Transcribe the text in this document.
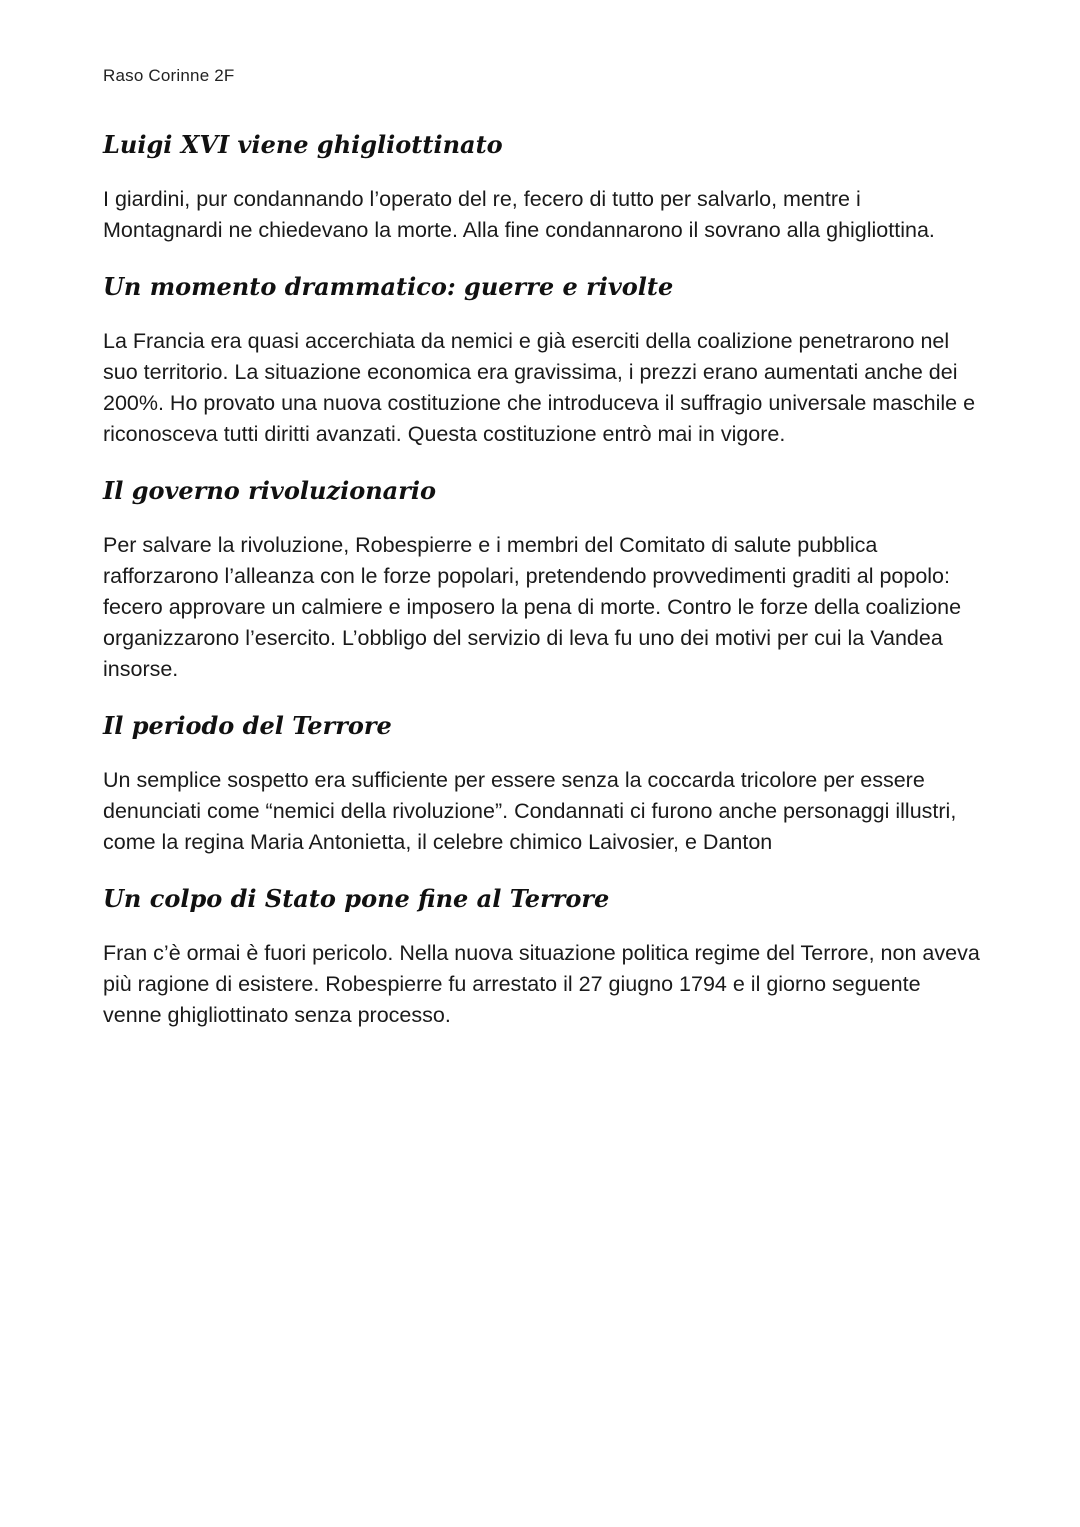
Raso Corinne 2F
Luigi XVI viene ghigliottinato

I giardini, pur condannando l’operato del re, fecero di tutto per salvarlo, mentre i Montagnardi ne chiedevano la morte. Alla fine condannarono il sovrano alla ghigliottina.

Un momento drammatico: guerre e rivolte

La Francia era quasi accerchiata da nemici e già eserciti della coalizione penetrarono nel suo territorio. La situazione economica era gravissima, i prezzi erano aumentati anche dei 200%. Ho provato una nuova costituzione che introduceva il suffragio universale maschile e riconosceva tutti diritti avanzati. Questa costituzione entrò mai in vigore.

Il governo rivoluzionario

Per salvare la rivoluzione, Robespierre e i membri del Comitato di salute pubblica rafforzarono l’alleanza con le forze popolari, pretendendo provvedimenti graditi al popolo: fecero approvare un calmiere e imposero la pena di morte. Contro le forze della coalizione organizzarono l’esercito. L’obbligo del servizio di leva fu uno dei motivi per cui la Vandea insorse.

Il periodo del Terrore

Un semplice sospetto era sufficiente per essere senza la coccarda tricolore per essere denunciati come “nemici della rivoluzione”. Condannati ci furono anche personaggi illustri, come la regina Maria Antonietta, il celebre chimico Laivosier, e Danton

Un colpo di Stato pone fine al Terrore

Fran c’è ormai è fuori pericolo. Nella nuova situazione politica regime del Terrore, non aveva più ragione di esistere. Robespierre fu arrestato il 27 giugno 1794 e il giorno seguente venne ghigliottinato senza processo.
